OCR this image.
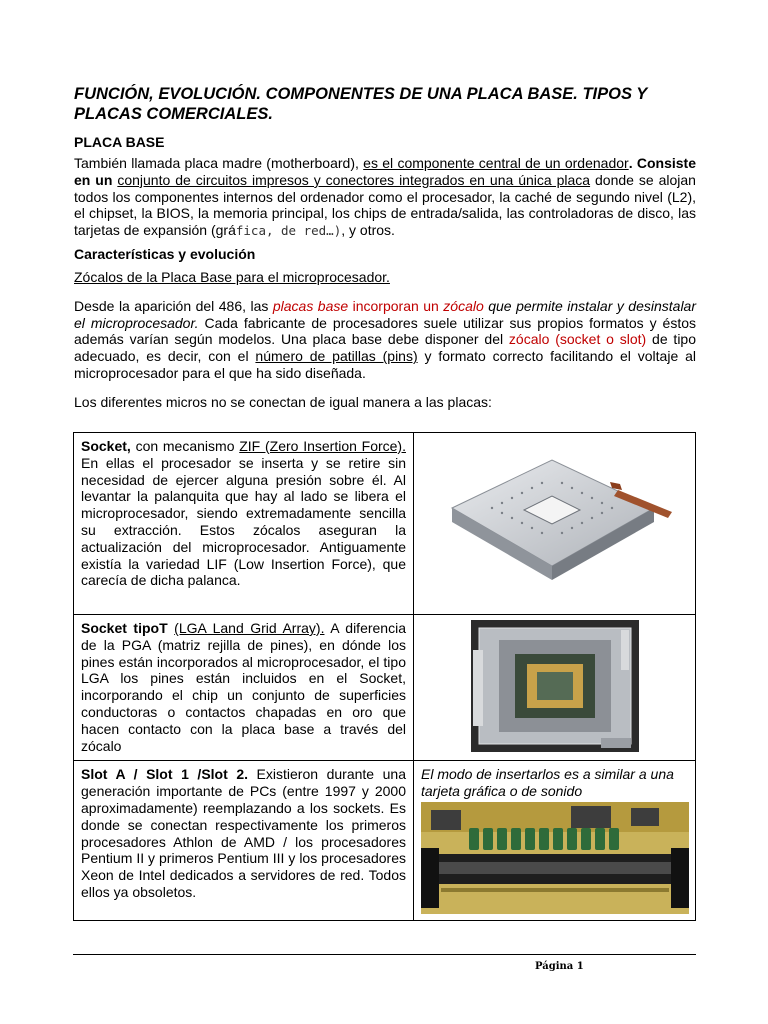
FUNCIÓN, EVOLUCIÓN. COMPONENTES DE UNA PLACA BASE. TIPOS Y PLACAS COMERCIALES.
PLACA BASE

También llamada placa madre (motherboard), es el componente central de un ordenador. Consiste en un conjunto de circuitos impresos y conectores integrados en una única placa donde se alojan todos los componentes internos del ordenador como el procesador, la caché de segundo nivel (L2), el chipset, la BIOS, la memoria principal, los chips de entrada/salida, las controladoras de disco, las tarjetas de expansión (gráfica, de red…), y otros.

Características y evolución

Zócalos de la Placa Base para el microprocesador.

Desde la aparición del 486, las placas base incorporan un zócalo que permite instalar y desinstalar el microprocesador. Cada fabricante de procesadores suele utilizar sus propios formatos y éstos además varían según modelos. Una placa base debe disponer del zócalo (socket o slot) de tipo adecuado, es decir, con el número de patillas (pins) y formato correcto facilitando el voltaje al microprocesador para el que ha sido diseñada.

Los diferentes micros no se conectan de igual manera a las placas:

Socket, con mecanismo ZIF (Zero Insertion Force). En ellas el procesador se inserta y se retire sin necesidad de ejercer alguna presión sobre él. Al levantar la palanquita que hay al lado se libera el microprocesador, siendo extremadamente sencilla su extracción. Estos zócalos aseguran la actualización del microprocesador. Antiguamente existía la variedad LIF (Low Insertion Force), que carecía de dicha palanca.

Socket tipoT (LGA Land Grid Array). A diferencia de la PGA (matriz rejilla de pines), en dónde los pines están incorporados al microprocesador, el tipo LGA los pines están incluidos en el Socket, incorporando el chip un conjunto de superficies conductoras o contactos chapadas en oro que hacen contacto con la placa base a través del zócalo

Slot A / Slot 1 /Slot 2. Existieron durante una generación importante de PCs (entre 1997 y 2000 aproximadamente) reemplazando a los sockets. Es donde se conectan respectivamente los primeros procesadores Athlon de AMD / los procesadores Pentium II y primeros Pentium III y los procesadores Xeon de Intel dedicados a servidores de red. Todos ellos ya obsoletos.	El modo de insertarlos es a similar a una tarjeta gráfica o de sonido

Página 1
